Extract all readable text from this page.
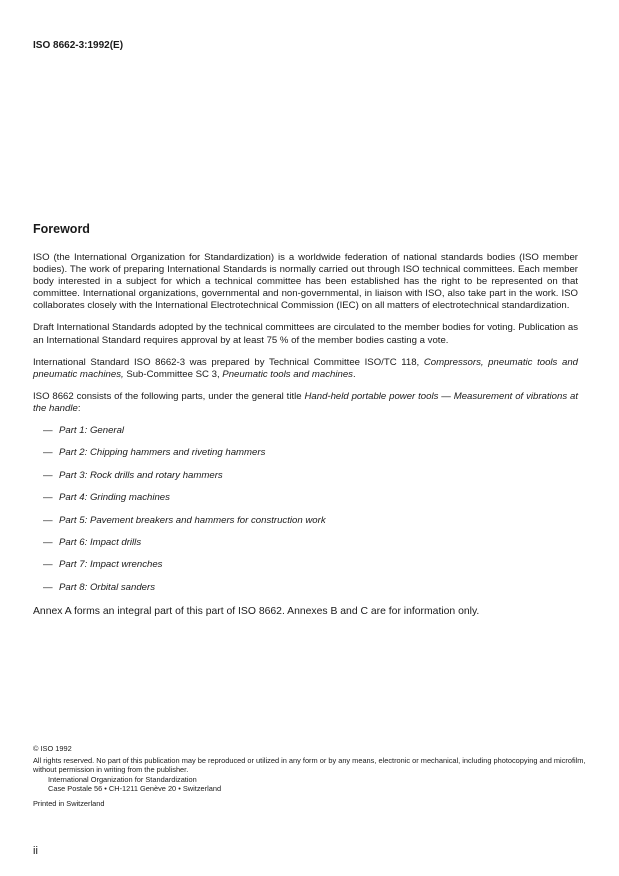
ISO 8662-3:1992(E)
Foreword

ISO (the International Organization for Standardization) is a worldwide federation of national standards bodies (ISO member bodies). The work of preparing International Standards is normally carried out through ISO technical committees. Each member body interested in a subject for which a technical committee has been established has the right to be represented on that committee. International organizations, governmental and non-governmental, in liaison with ISO, also take part in the work. ISO collaborates closely with the International Electrotechnical Commission (IEC) on all matters of electrotechnical standardization.

Draft International Standards adopted by the technical committees are circulated to the member bodies for voting. Publication as an International Standard requires approval by at least 75 % of the member bodies casting a vote.

International Standard ISO 8662-3 was prepared by Technical Committee ISO/TC 118, Compressors, pneumatic tools and pneumatic machines, Sub-Committee SC 3, Pneumatic tools and machines.

ISO 8662 consists of the following parts, under the general title Hand-held portable power tools — Measurement of vibrations at the handle:

— Part 1: General
— Part 2: Chipping hammers and riveting hammers
— Part 3: Rock drills and rotary hammers
— Part 4: Grinding machines
— Part 5: Pavement breakers and hammers for construction work
— Part 6: Impact drills
— Part 7: Impact wrenches
— Part 8: Orbital sanders

Annex A forms an integral part of this part of ISO 8662. Annexes B and C are for information only.

© ISO 1992

All rights reserved. No part of this publication may be reproduced or utilized in any form or by any means, electronic or mechanical, including photocopying and microfilm, without permission in writing from the publisher.

International Organization for Standardization

Case Postale 56 • CH-1211 Genève 20 • Switzerland

Printed in Switzerland

ii
